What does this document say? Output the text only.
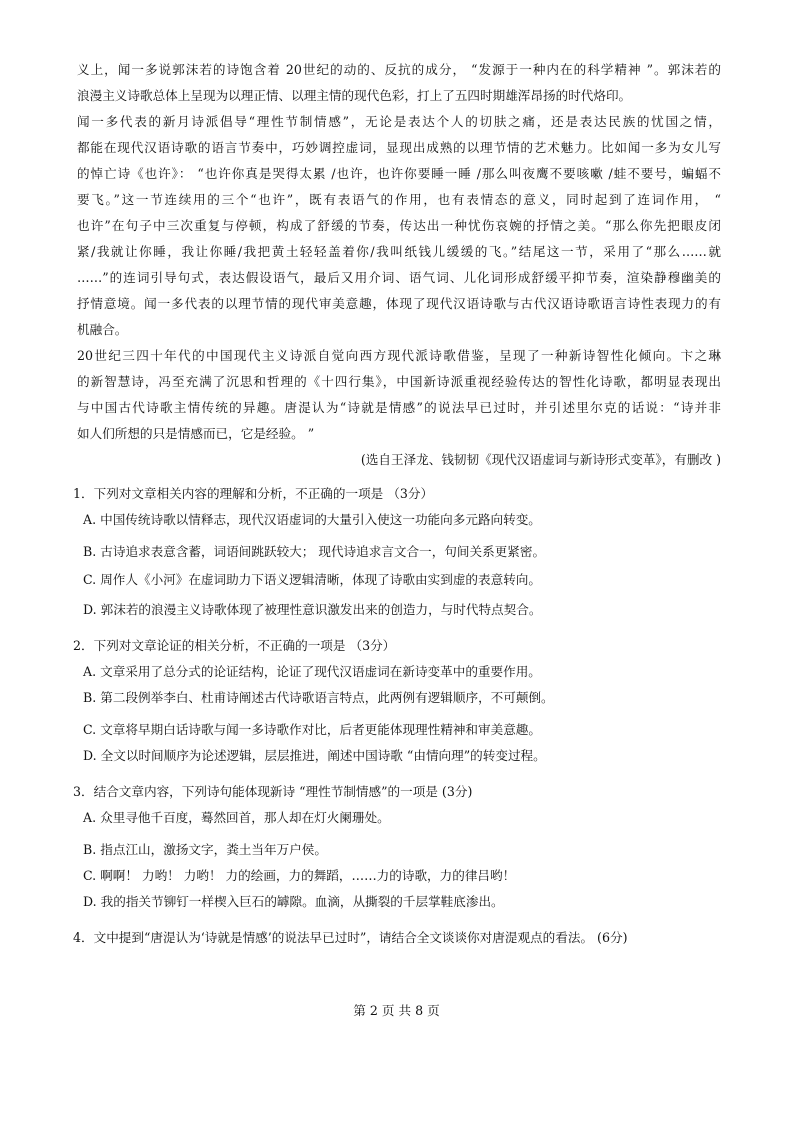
义上，闻一多说郭沫若的诗饱含着 20世纪的动的、反抗的成分， “发源于一种内在的科学精神 ”。郭沫若的
浪漫主义诗歌总体上呈现为以理正情、以理主情的现代色彩，打上了五四时期雄浑昂扬的时代烙印。
闻一多代表的新月诗派倡导“理性节制情感”，无论是表达个人的切肤之痛，还是表达民族的忧国之情，
都能在现代汉语诗歌的语言节奏中，巧妙调控虚词，显现出成熟的以理节情的艺术魅力。比如闻一多为女儿写
的悼亡诗《也许》： “也许你真是哭得太累 /也许，也许你要睡一睡 /那么叫夜鹰不要咳嗽 /蛙不要号，蝙蝠不
要飞。”这一节连续用的三个“也许”，既有表语气的作用，也有表情态的意义，同时起到了连词作用， “
也许”在句子中三次重复与停顿，构成了舒缓的节奏，传达出一种忧伤哀婉的抒情之美。“那么你先把眼皮闭
紧/我就让你睡，我让你睡/我把黄土轻轻盖着你/我叫纸钱儿缓缓的飞。”结尾这一节，采用了“那么……就
……”的连词引导句式，表达假设语气，最后又用介词、语气词、儿化词形成舒缓平抑节奏，渲染静穆幽美的
抒情意境。闻一多代表的以理节情的现代审美意趣，体现了现代汉语诗歌与古代汉语诗歌语言诗性表现力的有
机融合。
20世纪三四十年代的中国现代主义诗派自觉向西方现代派诗歌借鉴，呈现了一种新诗智性化倾向。卞之琳
的新智慧诗，冯至充满了沉思和哲理的《十四行集》，中国新诗派重视经验传达的智性化诗歌，都明显表现出
与中国古代诗歌主情传统的异趣。唐湜认为“诗就是情感”的说法早已过时，并引述里尔克的话说：“诗并非
如人们所想的只是情感而已，它是经验。 ”
(选自王泽龙、钱韧韧《现代汉语虚词与新诗形式变革》，有删改 )
1．下列对文章相关内容的理解和分析，不正确的一项是 （3分）
A. 中国传统诗歌以情释志，现代汉语虚词的大量引入使这一功能向多元路向转变。
B. 古诗追求表意含蓄，词语间跳跃较大； 现代诗追求言文合一，句间关系更紧密。
C. 周作人《小河》在虚词助力下语义逻辑清晰，体现了诗歌由实到虚的表意转向。
D. 郭沫若的浪漫主义诗歌体现了被理性意识激发出来的创造力，与时代特点契合。
2．下列对文章论证的相关分析，不正确的一项是 （3分）
A. 文章采用了总分式的论证结构，论证了现代汉语虚词在新诗变革中的重要作用。
B. 第二段例举李白、杜甫诗阐述古代诗歌语言特点，此两例有逻辑顺序，不可颠倒。
C. 文章将早期白话诗歌与闻一多诗歌作对比，后者更能体现理性精神和审美意趣。
D. 全文以时间顺序为论述逻辑，层层推进，阐述中国诗歌 “由情向理”的转变过程。
3．结合文章内容，下列诗句能体现新诗 “理性节制情感”的一项是 (3分)
A. 众里寻他千百度，蓦然回首，那人却在灯火阑珊处。
B. 指点江山，激扬文字，粪土当年万户侯。
C. 啊啊！ 力哟！ 力哟！ 力的绘画，力的舞蹈，……力的诗歌，力的律吕哟！
D. 我的指关节铆钉一样楔入巨石的罅隙。血滴，从撕裂的千层掌鞋底渗出。
4．文中提到“唐湜认为‘诗就是情感’的说法早已过时”，请结合全文谈谈你对唐湜观点的看法。 (6分)
第 2 页 共 8 页
